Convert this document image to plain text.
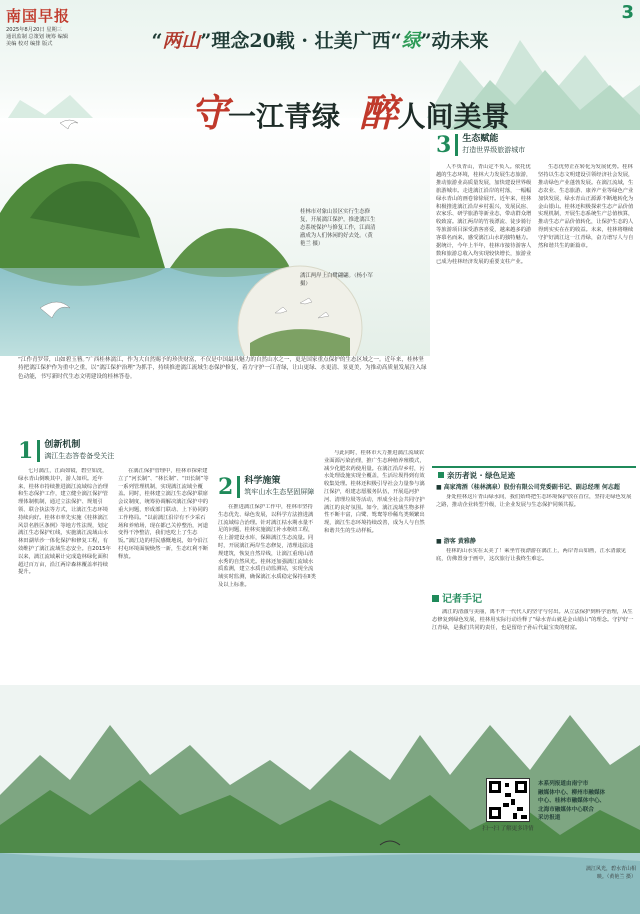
南国早报	3
2025年8月20日 星期三
通讯监制 总策划 统筹 编辑
美编 校对 编排 版式	“两山”理念20载 · 壮美广西“绿”动未来
守一江青绿 醉人间美景
桂林市对象山景区实行生态修复，开展漓江保护，推进漓江生态系统保护与修复工作，江面清澈成为人们休闲的好去处。（黄艳兰 摄）
漓江两岸上白鹭翩翩。（杨小军 摄）
“江作青罗带，山如碧玉簪。”广西桂林漓江，作为大自然赐予的珍贵财富，不仅是中国最具魅力的自然山水之一，更是国家重点保护的生态区域之一。近年来，桂林坚持把漓江保护作为重中之重，以“漓江保护治理”为抓手，持续推进漓江流域生态保护修复，着力守护一江青绿，让山更绿、水更清、景更美，为推动高质量发展注入绿色动能，书写新时代生态文明建设的桂林答卷。
1 创新机制
漓江生态答卷备受关注
七月漓江，江面如镜，碧空如洗，绿水青山倒映其中，游人如织。近年来，桂林市持续推进漓江流域综合治理和生态保护工作，建立健全漓江保护管理体制机制，通过立法保护、规划引领、联合执法等方式，让漓江生态环境持续向好。桂林市率先实施《桂林漓江风景名胜区条例》等地方性法规，划定漓江生态保护红线，实施漓江流域山水林田湖草沙一体化保护和修复工程，有效维护了漓江流域生态安全。自2015年以来，漓江流域累计完成造林绿化面积超过百万亩，沿江两岸森林覆盖率持续提升。
在漓江保护管理中，桂林市探索建立了“河长制”、“林长制”、“田长制”等一系列管理机制，实现漓江流域全覆盖。同时，桂林建立漓江生态保护联席会议制度，统筹协调解决漓江保护中的重大问题，形成部门联动、上下协同的工作格局。“以前漓江沿岸有不少采石场和养殖场，现在都已关停整治，河道变得干净整洁，我们也吃上了生态饭。”漓江边的村民感慨地说，如今沿江村屯环境面貌焕然一新，生态红利不断释放。
2 科学施策
筑牢山水生态坚固屏障
在推进漓江保护工作中，桂林市坚持生态优先、绿色发展，以科学方法推进漓江流域综合治理。针对漓江枯水期水量不足的问题，桂林实施漓江补水枢纽工程，在上游建设水库，保障漓江生态流量。同时，开展漓江两岸生态修复，清理违法违规建筑，恢复自然岸线，让漓江重现山清水秀的自然风光。桂林还加强漓江流域水质监测，建立水质自动监测站，实现全流域实时监测，确保漓江水质稳定保持在Ⅱ类及以上标准。
与此同时，桂林市大力推进漓江流域农业面源污染治理，推广生态种植养殖模式，减少化肥农药使用量。在漓江沿岸乡村，污水处理设施实现全覆盖，生活垃圾得到有效收集处理。桂林还积极引导社会力量参与漓江保护，组建志愿服务队伍，开展巡河护河、清理垃圾等活动，形成全社会共同守护漓江的良好氛围。如今，漓江流域生物多样性不断丰富，白鹭、鸳鸯等珍稀鸟类频繁出现，漓江生态环境持续改善，成为人与自然和谐共生的生动样板。
3 生态赋能
打造世界级旅游城市
人不负青山，青山定不负人。依托优越的生态环境，桂林大力发展生态旅游，推动旅游业高质量发展，加快建设世界级旅游城市。走进漓江沿岸的村落，一幅幅绿水青山的画卷徐徐展开。近年来，桂林积极推进漓江沿岸乡村振兴，发展民宿、农家乐、研学旅游等新业态，带动群众增收致富。漓江两岸的竹筏漂流、徒步骑行等旅游项目深受游客喜爱，越来越多的游客慕名而来，感受漓江山水的独特魅力。据统计，今年上半年，桂林市接待游客人数和旅游总收入均实现较快增长，旅游业已成为桂林经济发展的重要支柱产业。
生态优势正在转化为发展优势。桂林坚持以生态文明建设引领经济社会发展，推动绿色产业蓬勃发展。在漓江流域，生态农业、生态旅游、康养产业等绿色产业加快发展，绿水青山正源源不断地转化为金山银山。桂林还积极探索生态产品价值实现机制，开展生态系统生产总值核算，推动生态产品价值转化，让保护生态的人得到实实在在的收益。未来，桂林将继续守护好漓江这一江青绿，奋力谱写人与自然和谐共生的新篇章。
亲历者说 · 绿色足迹
■ 高家湾酒（桂林漓泉）股份有限公司党委副书记、副总经理 何志超
身处桂林这片青山绿水间，我们始终把生态环境保护放在首位，坚持走绿色发展之路，推动企业转型升级，让企业发展与生态保护同频共振。
■ 游客 黄雅静
桂林的山水实在太美了！乘坐竹筏漂游在漓江上，两岸青山如画，江水清澈见底，仿佛置身于画中，这次旅行让我终生难忘。
记者手记
漓江的清澈与美丽，离不开一代代人的坚守与付出。从立法保护到科学治理，从生态修复到绿色发展，桂林用实际行动诠释了“绿水青山就是金山银山”的理念。守护好一江青绿，是我们共同的责任，也是留给子孙后代最宝贵的财富。
扫一扫 了解更多详情
本系列报道由南宁市
融媒体中心、柳州市融媒体
中心、桂林市融媒体中心、
北海市融媒体中心联合
采访报道
漓江风光，碧水青山相映。（黄艳兰 摄）
